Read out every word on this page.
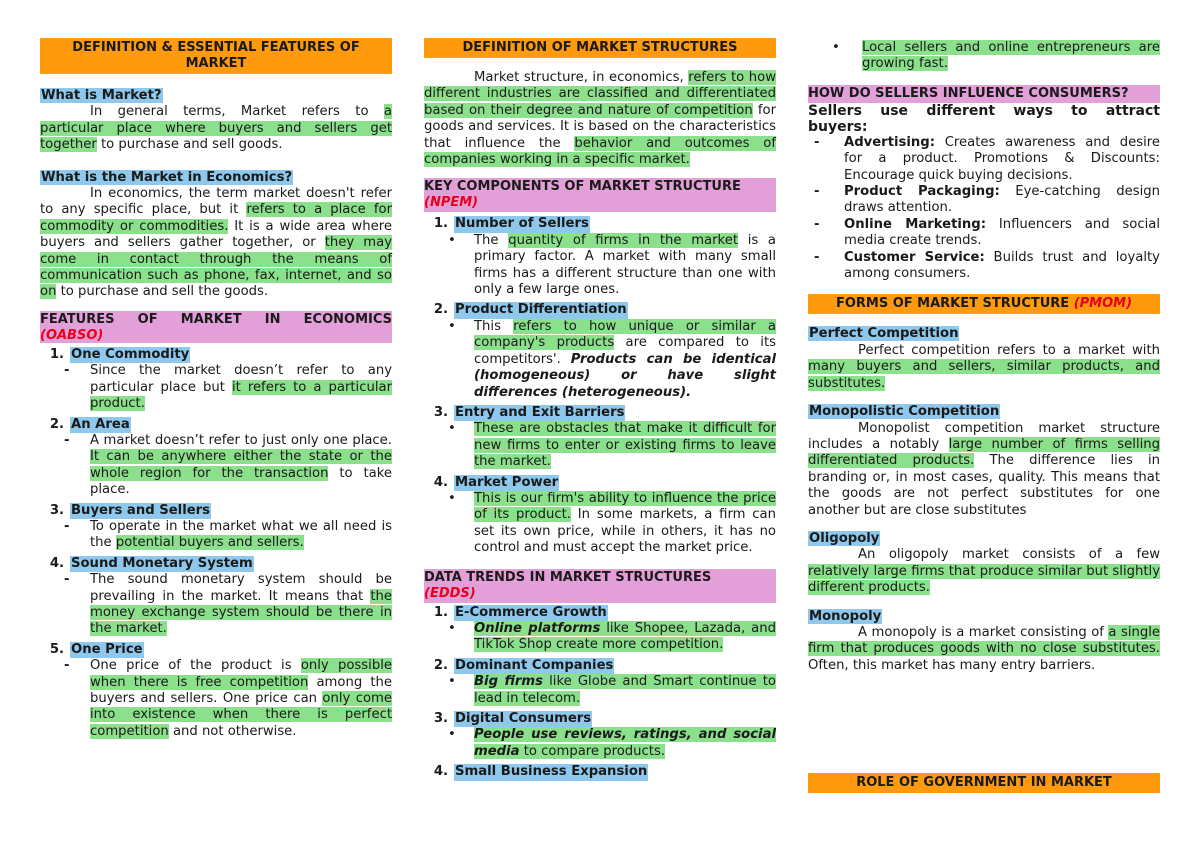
DEFINITION & ESSENTIAL FEATURES OF MARKET
What is Market?
In general terms, Market refers to a particular place where buyers and sellers get together to purchase and sell goods.
What is the Market in Economics?
In economics, the term market doesn't refer to any specific place, but it refers to a place for commodity or commodities. It is a wide area where buyers and sellers gather together, or they may come in contact through the means of communication such as phone, fax, internet, and so on to purchase and sell the goods.
FEATURES OF MARKET IN ECONOMICS
(OABSO)
1. One Commodity
-	Since the market doesn’t refer to any particular place but it refers to a particular product.
2. An Area
-	A market doesn’t refer to just only one place. It can be anywhere either the state or the whole region for the transaction to take place.
3. Buyers and Sellers
-	To operate in the market what we all need is the potential buyers and sellers.
4. Sound Monetary System
-	The sound monetary system should be prevailing in the market. It means that the money exchange system should be there in the market.
5. One Price
-	One price of the product is only possible when there is free competition among the buyers and sellers. One price can only come into existence when there is perfect competition and not otherwise.
DEFINITION OF MARKET STRUCTURES
Market structure, in economics, refers to how different industries are classified and differentiated based on their degree and nature of competition for goods and services. It is based on the characteristics that influence the behavior and outcomes of companies working in a specific market.
KEY COMPONENTS OF MARKET STRUCTURE
(NPEM)
1. Number of Sellers
•	The quantity of firms in the market is a primary factor. A market with many small firms has a different structure than one with only a few large ones.
2. Product Differentiation
•	This refers to how unique or similar a company's products are compared to its competitors'. Products can be identical (homogeneous) or have slight differences (heterogeneous).
3. Entry and Exit Barriers
•	These are obstacles that make it difficult for new firms to enter or existing firms to leave the market.
4. Market Power
•	This is our firm's ability to influence the price of its product. In some markets, a firm can set its own price, while in others, it has no control and must accept the market price.
DATA TRENDS IN MARKET STRUCTURES
(EDDS)
1. E-Commerce Growth
•	Online platforms like Shopee, Lazada, and TikTok Shop create more competition.
2. Dominant Companies
•	Big firms like Globe and Smart continue to lead in telecom.
3. Digital Consumers
•	People use reviews, ratings, and social media to compare products.
4. Small Business Expansion
•	Local sellers and online entrepreneurs are growing fast.
HOW DO SELLERS INFLUENCE CONSUMERS?
Sellers use different ways to attract buyers:
-	Advertising: Creates awareness and desire for a product. Promotions & Discounts: Encourage quick buying decisions.
-	Product Packaging: Eye-catching design draws attention.
-	Online Marketing: Influencers and social media create trends.
-	Customer Service: Builds trust and loyalty among consumers.
FORMS OF MARKET STRUCTURE (PMOM)
Perfect Competition
Perfect competition refers to a market with many buyers and sellers, similar products, and substitutes.
Monopolistic Competition
Monopolist competition market structure includes a notably large number of firms selling differentiated products. The difference lies in branding or, in most cases, quality. This means that the goods are not perfect substitutes for one another but are close substitutes
Oligopoly
An oligopoly market consists of a few relatively large firms that produce similar but slightly different products.
Monopoly
A monopoly is a market consisting of a single firm that produces goods with no close substitutes. Often, this market has many entry barriers.
ROLE OF GOVERNMENT IN MARKET
